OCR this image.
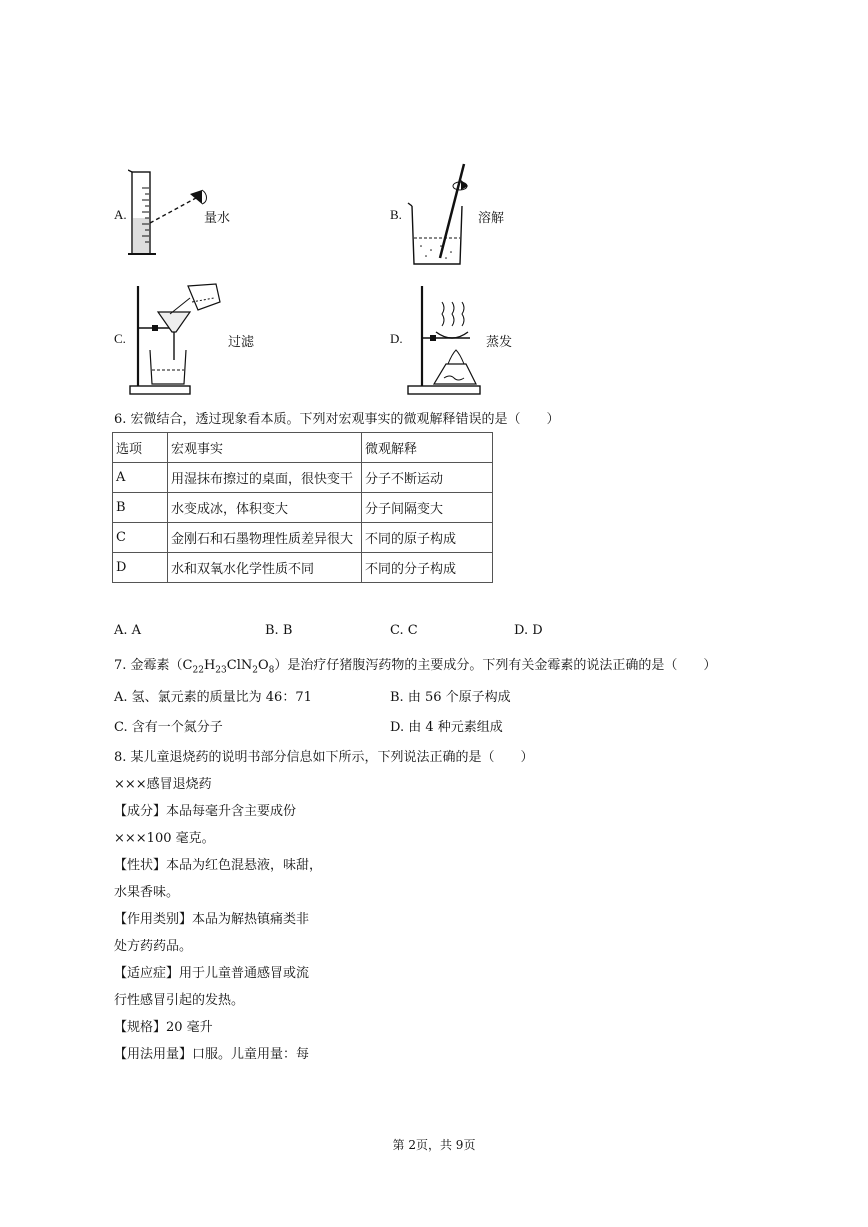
A.	量水	B.	溶解
C.	过滤	D.	蒸发
6. 宏微结合，透过现象看本质。下列对宏观事实的微观解释错误的是（　　）
选项	宏观事实	微观解释
A	用湿抹布擦过的桌面，很快变干	分子不断运动
B	水变成冰，体积变大	分子间隔变大
C	金刚石和石墨物理性质差异很大	不同的原子构成
D	水和双氧水化学性质不同	不同的分子构成
A. A	B. B	C. C	D. D
7. 金霉素$(C_{22}H_{23}ClN_2O_8)$是治疗仔猪腹泻药物的主要成分。下列有关金霉素的说法正确的是（　　）
A. 氢、氯元素的质量比为 46：71	B. 由 56 个原子构成
C. 含有一个氮分子	D. 由 4 种元素组成
8. 某儿童退烧药的说明书部分信息如下所示，下列说法正确的是（　　）
×××感冒退烧药
【成分】本品每毫升含主要成份
×××100 毫克。
【性状】本品为红色混悬液，味甜，
水果香味。
【作用类别】本品为解热镇痛类非
处方药药品。
【适应症】用于儿童普通感冒或流
行性感冒引起的发热。
【规格】20 毫升
【用法用量】口服。儿童用量：每
第 2页，共 9页
